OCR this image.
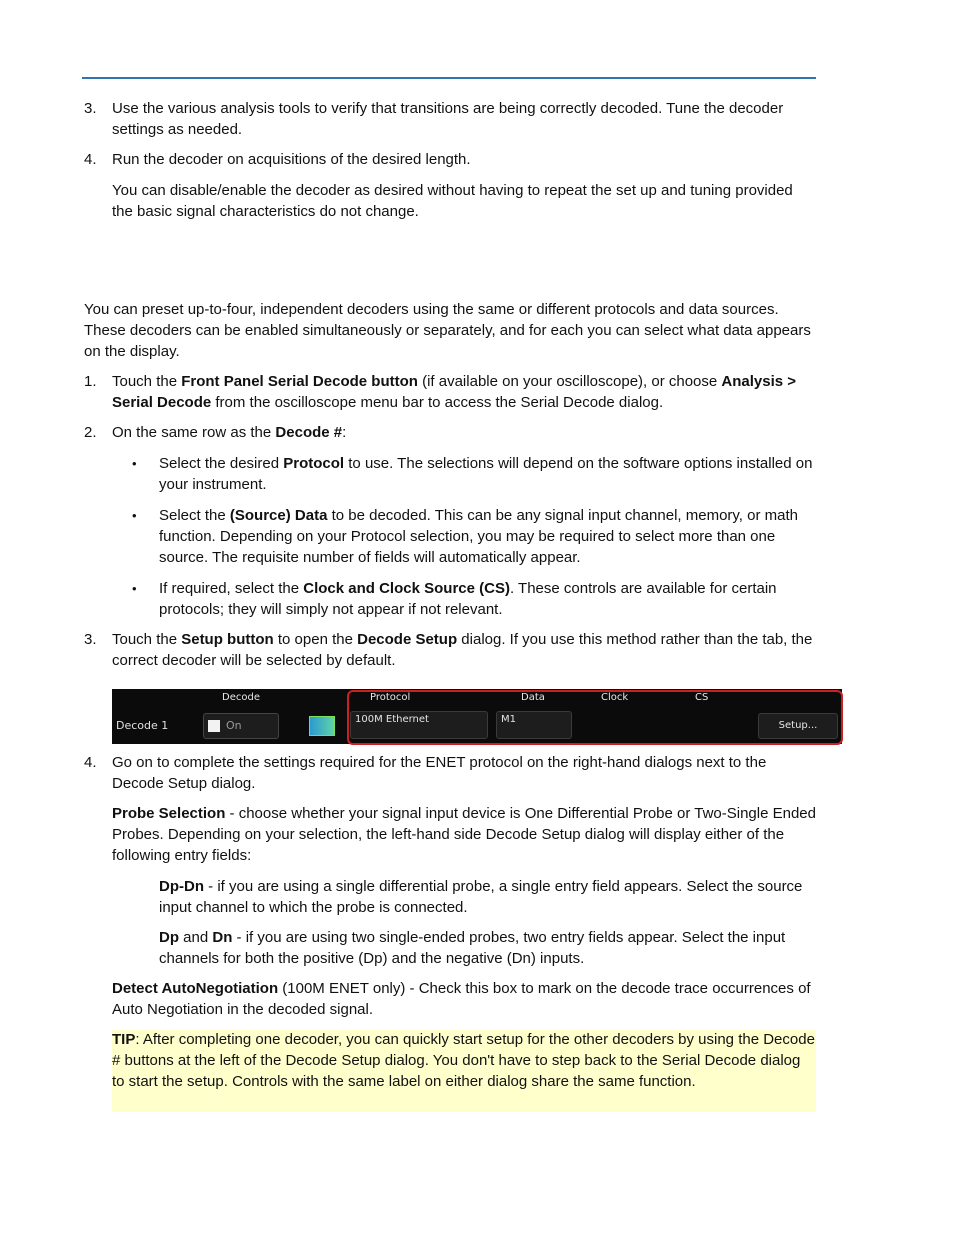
3. Use the various analysis tools to verify that transitions are being correctly decoded. Tune the decoder settings as needed.
4. Run the decoder on acquisitions of the desired length.
You can disable/enable the decoder as desired without having to repeat the set up and tuning provided the basic signal characteristics do not change.
You can preset up-to-four, independent decoders using the same or different protocols and data sources. These decoders can be enabled simultaneously or separately, and for each you can select what data appears on the display.
1. Touch the Front Panel Serial Decode button (if available on your oscilloscope), or choose Analysis > Serial Decode from the oscilloscope menu bar to access the Serial Decode dialog.
2. On the same row as the Decode #:
• Select the desired Protocol to use. The selections will depend on the software options installed on your instrument.
• Select the (Source) Data to be decoded. This can be any signal input channel, memory, or math function. Depending on your Protocol selection, you may be required to select more than one source. The requisite number of fields will automatically appear.
• If required, select the Clock and Clock Source (CS). These controls are available for certain protocols; they will simply not appear if not relevant.
3. Touch the Setup button to open the Decode Setup dialog. If you use this method rather than the tab, the correct decoder will be selected by default.
Decode	Protocol	Data	Clock	CS
Decode 1	On	100M Ethernet	M1
Setup...
4. Go on to complete the settings required for the ENET protocol on the right-hand dialogs next to the Decode Setup dialog.
Probe Selection - choose whether your signal input device is One Differential Probe or Two-Single Ended Probes. Depending on your selection, the left-hand side Decode Setup dialog will display either of the following entry fields:
Dp-Dn - if you are using a single differential probe, a single entry field appears. Select the source input channel to which the probe is connected.
Dp and Dn - if you are using two single-ended probes, two entry fields appear. Select the input channels for both the positive (Dp) and the negative (Dn) inputs.
Detect AutoNegotiation (100M ENET only) - Check this box to mark on the decode trace occurrences of Auto Negotiation in the decoded signal.
TIP: After completing one decoder, you can quickly start setup for the other decoders by using the Decode # buttons at the left of the Decode Setup dialog. You don't have to step back to the Serial Decode dialog to start the setup. Controls with the same label on either dialog share the same function.
